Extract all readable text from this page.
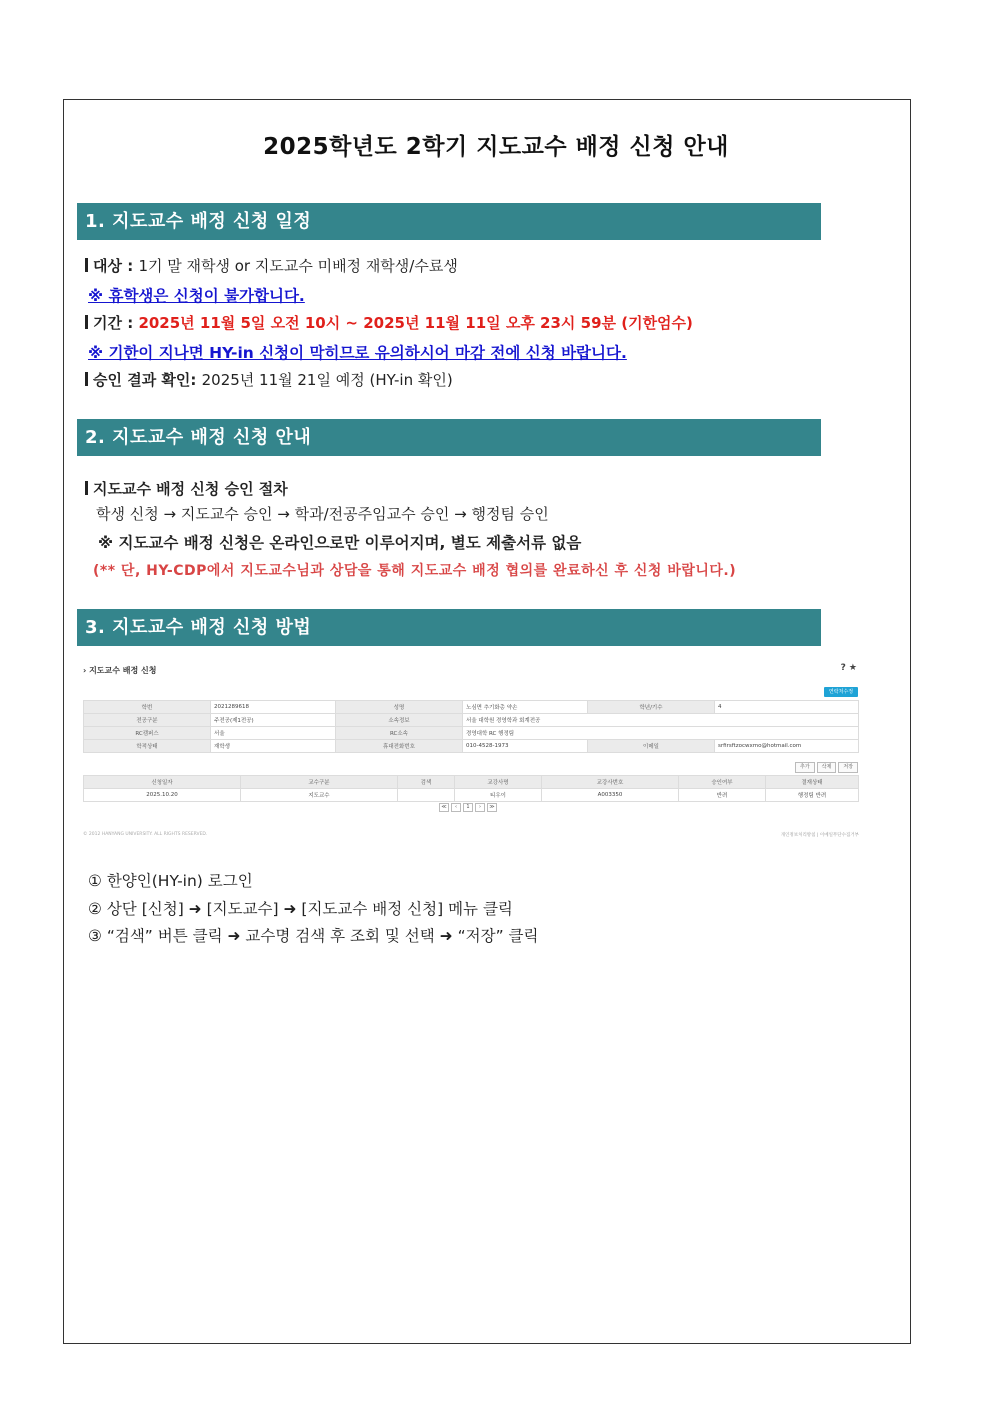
2025학년도 2학기 지도교수 배정 신청 안내
1. 지도교수 배정 신청 일정
대상 : 1기 말 재학생 or 지도교수 미배정 재학생/수료생
※ 휴학생은 신청이 불가합니다.
기간 : 2025년 11월 5일 오전 10시 ~ 2025년 11월 11일 오후 23시 59분 (기한엄수)
※ 기한이 지나면 HY-in 신청이 막히므로 유의하시어 마감 전에 신청 바랍니다.
승인 결과 확인: 2025년 11월 21일 예정 (HY-in 확인)
2. 지도교수 배정 신청 안내
지도교수 배정 신청 승인 절차
학생 신청 → 지도교수 승인 → 학과/전공주임교수 승인 → 행정팀 승인
※ 지도교수 배정 신청은 온라인으로만 이루어지며, 별도 제출서류 없음
(** 단, HY-CDP에서 지도교수님과 상담을 통해 지도교수 배정 협의를 완료하신 후 신청 바랍니다.)
3. 지도교수 배정 신청 방법
› 지도교수 배정 신청	? ★
연락처수정
학번	2021289618	성명	노심면 추기화총 약손	학년/기수	4
전공구분	주전공(제1전공)	소속정보	서울 대학원 경영학과 회계전공		
RC캠퍼스	서울	RC소속	경영대학 RC 행정팀		
학적상태	재학생	휴대전화번호	010-4528-1973	이메일	srfirsftzocwxmo@hotmail.com
추가 삭제 저장
신청일자	교수구분	검색	교강사명	교강사번호	승인여부	결재상태
2025.10.20	지도교수		티우이	A003350	반려	행정팀 반려
≪ ‹ 1 › ≫
© 2012 HANYANG UNIVERSITY. ALL RIGHTS RESERVED.	개인정보처리방침 | 이메일무단수집거부
① 한양인(HY-in) 로그인
② 상단 [신청] ➜ [지도교수] ➜ [지도교수 배정 신청] 메뉴 클릭
③ “검색” 버튼 클릭 ➜ 교수명 검색 후 조회 및 선택 ➜ “저장” 클릭
